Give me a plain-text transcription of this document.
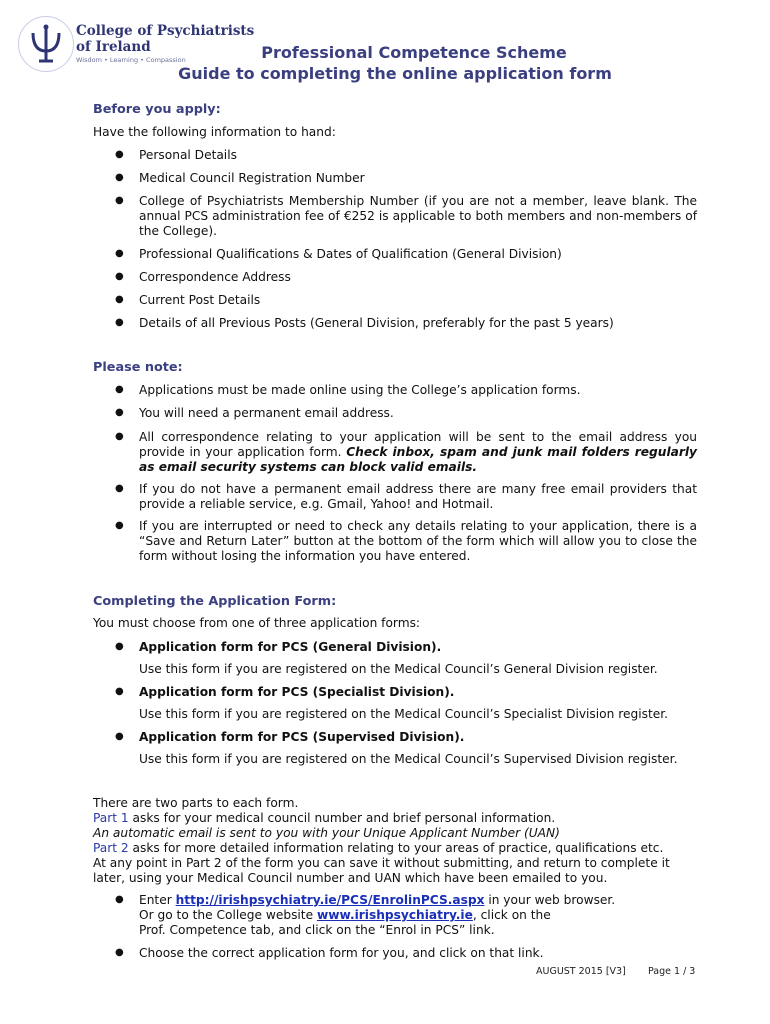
College of Psychiatrists
of Ireland
Wisdom • Learning • Compassion	Professional Competence Scheme
Guide to completing the online application form
Before you apply:
Have the following information to hand:
● Personal Details
● Medical Council Registration Number
● College of Psychiatrists Membership Number (if you are not a member, leave blank. The annual PCS administration fee of €252 is applicable to both members and non-members of the College).
● Professional Qualifications & Dates of Qualification (General Division)
● Correspondence Address
● Current Post Details
● Details of all Previous Posts (General Division, preferably for the past 5 years)
Please note:
● Applications must be made online using the College’s application forms.
● You will need a permanent email address.
● All correspondence relating to your application will be sent to the email address you provide in your application form. Check inbox, spam and junk mail folders regularly as email security systems can block valid emails.
● If you do not have a permanent email address there are many free email providers that provide a reliable service, e.g. Gmail, Yahoo! and Hotmail.
● If you are interrupted or need to check any details relating to your application, there is a “Save and Return Later” button at the bottom of the form which will allow you to close the form without losing the information you have entered.
Completing the Application Form:
You must choose from one of three application forms:
● Application form for PCS (General Division).
Use this form if you are registered on the Medical Council’s General Division register.
● Application form for PCS (Specialist Division).
Use this form if you are registered on the Medical Council’s Specialist Division register.
● Application form for PCS (Supervised Division).
Use this form if you are registered on the Medical Council’s Supervised Division register.
There are two parts to each form.
Part 1 asks for your medical council number and brief personal information.
An automatic email is sent to you with your Unique Applicant Number (UAN)
Part 2 asks for more detailed information relating to your areas of practice, qualifications etc.
At any point in Part 2 of the form you can save it without submitting, and return to complete it
later, using your Medical Council number and UAN which have been emailed to you.
● Enter http://irishpsychiatry.ie/PCS/EnrolinPCS.aspx in your web browser.
Or go to the College website www.irishpsychiatry.ie, click on the
Prof. Competence tab, and click on the “Enrol in PCS” link.
● Choose the correct application form for you, and click on that link.
AUGUST 2015 [V3] Page 1 / 3
